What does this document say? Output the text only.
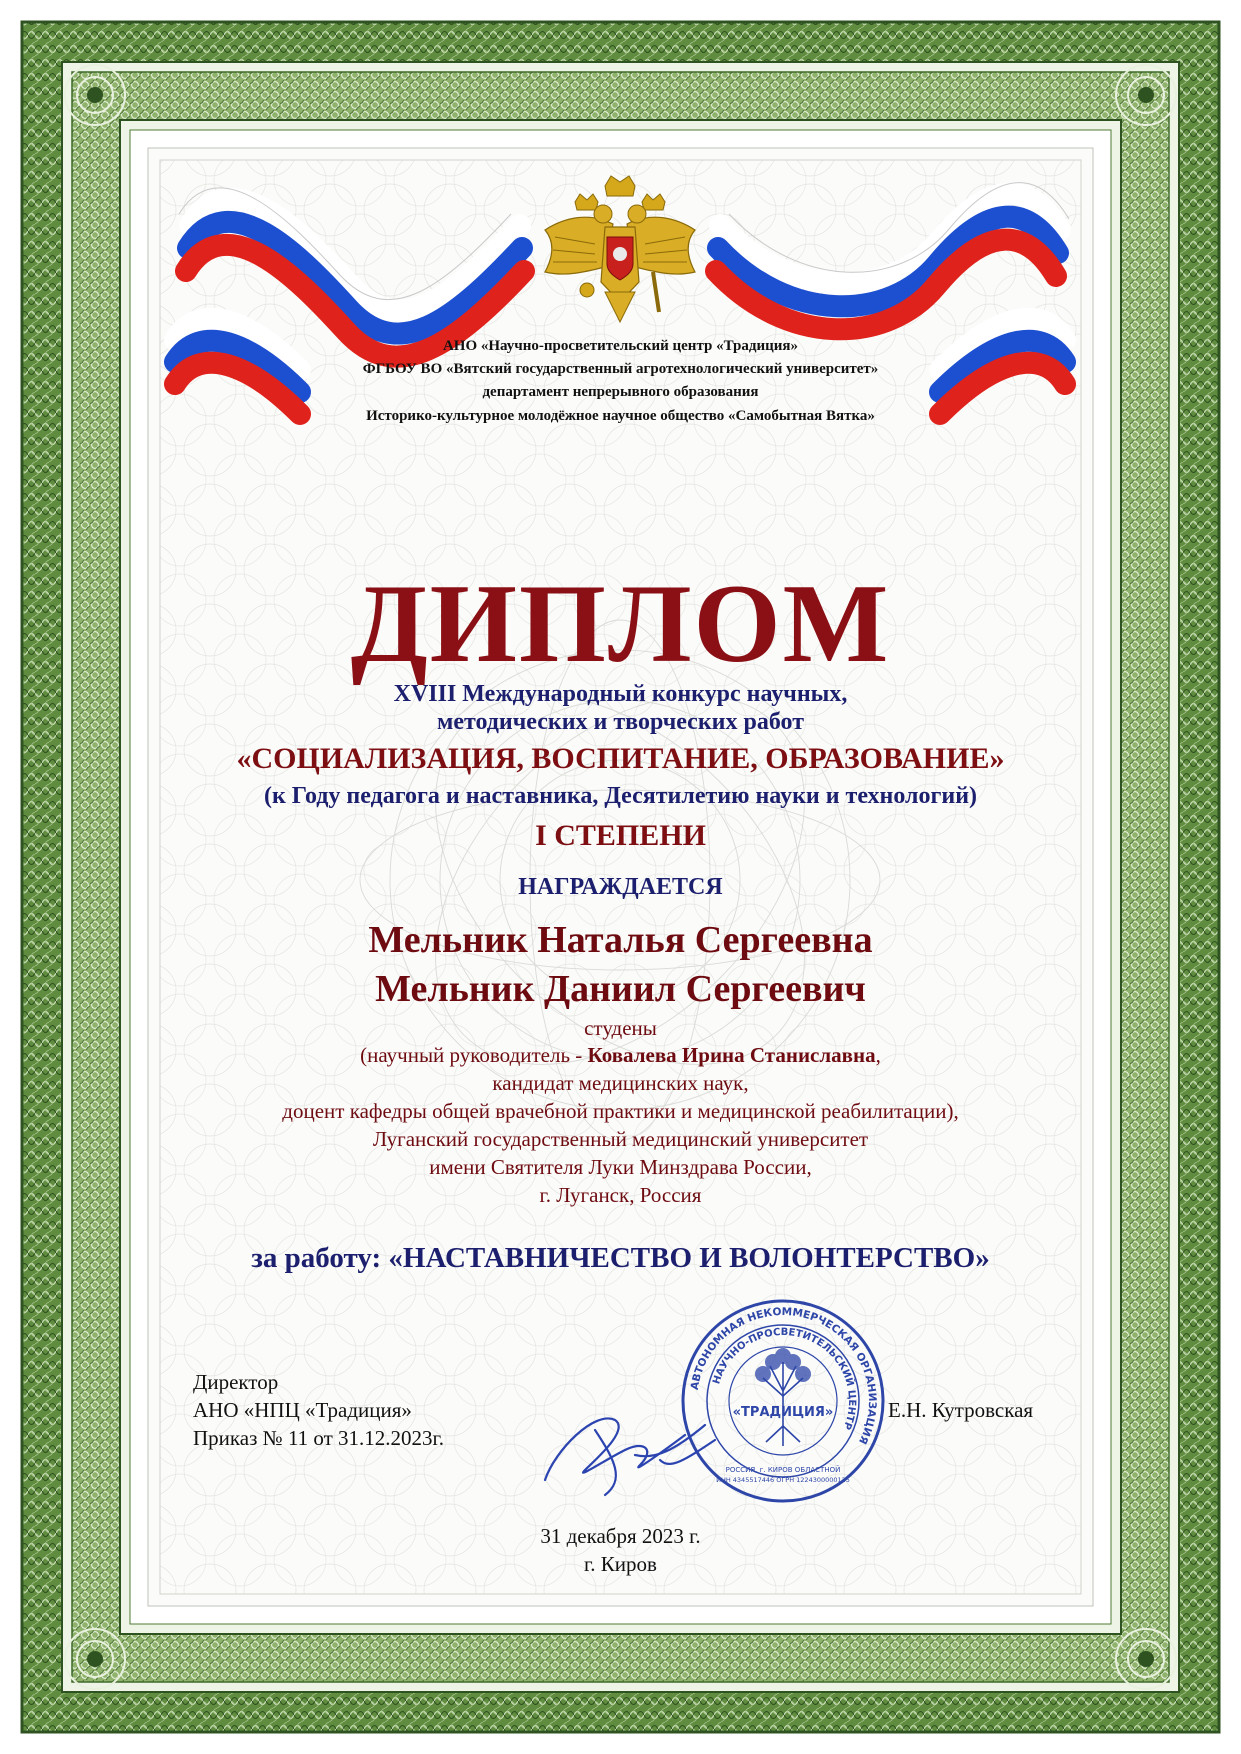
АНО «Научно-просветительский центр «Традиция»

ФГБОУ ВО «Вятский государственный агротехнологический университет»

департамент непрерывного образования

Историко-культурное молодёжное научное общество «Самобытная Вятка»

ДИПЛОМ

XVIII Международный конкурс научных,

методических и творческих работ

«СОЦИАЛИЗАЦИЯ, ВОСПИТАНИЕ, ОБРАЗОВАНИЕ»

(к Году педагога и наставника, Десятилетию науки и технологий)

I СТЕПЕНИ

НАГРАЖДАЕТСЯ

Мельник Наталья Сергеевна

Мельник Даниил Сергеевич

студены

(научный руководитель - Ковалева Ирина Станиславна,

кандидат медицинских наук,

доцент кафедры общей врачебной практики и медицинской реабилитации),

Луганский государственный медицинский университет

имени Святителя Луки Минздрава России,

г. Луганск, Россия

за работу: «НАСТАВНИЧЕСТВО И ВОЛОНТЕРСТВО»

Директор

АНО «НПЦ «Традиция»

Приказ № 11 от 31.12.2023г.

Е.Н. Кутровская

АВТОНОМНАЯ НЕКОММЕРЧЕСКАЯ ОРГАНИЗАЦИЯ
НАУЧНО-ПРОСВЕТИТЕЛЬСКИЙ ЦЕНТР
«ТРАДИЦИЯ»
РОССИЯ, г. КИРОВ ОБЛАСТНОЙ
ИНН 4345517446 ОГРН 1224300000125

31 декабря 2023 г.

г. Киров
